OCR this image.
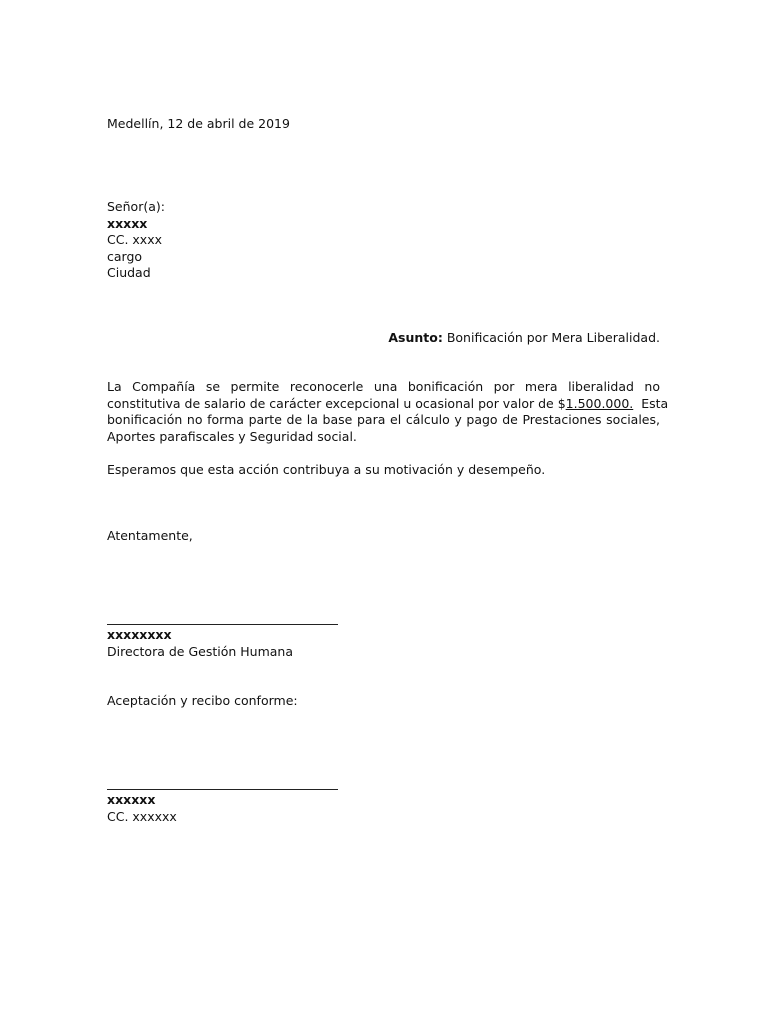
Medellín, 12 de abril de 2019
Señor(a):
xxxxx
CC. xxxx
cargo
Ciudad
Asunto: Bonificación por Mera Liberalidad.
La Compañía se permite reconocerle una bonificación por mera liberalidad no
constitutiva de salario de carácter excepcional u ocasional por valor de $1.500.000.  Esta
bonificación no forma parte de la base para el cálculo y pago de Prestaciones sociales,
Aportes parafiscales y Seguridad social.
Esperamos que esta acción contribuya a su motivación y desempeño.
Atentamente,
xxxxxxxx
Directora de Gestión Humana
Aceptación y recibo conforme:
xxxxxx
CC. xxxxxx
